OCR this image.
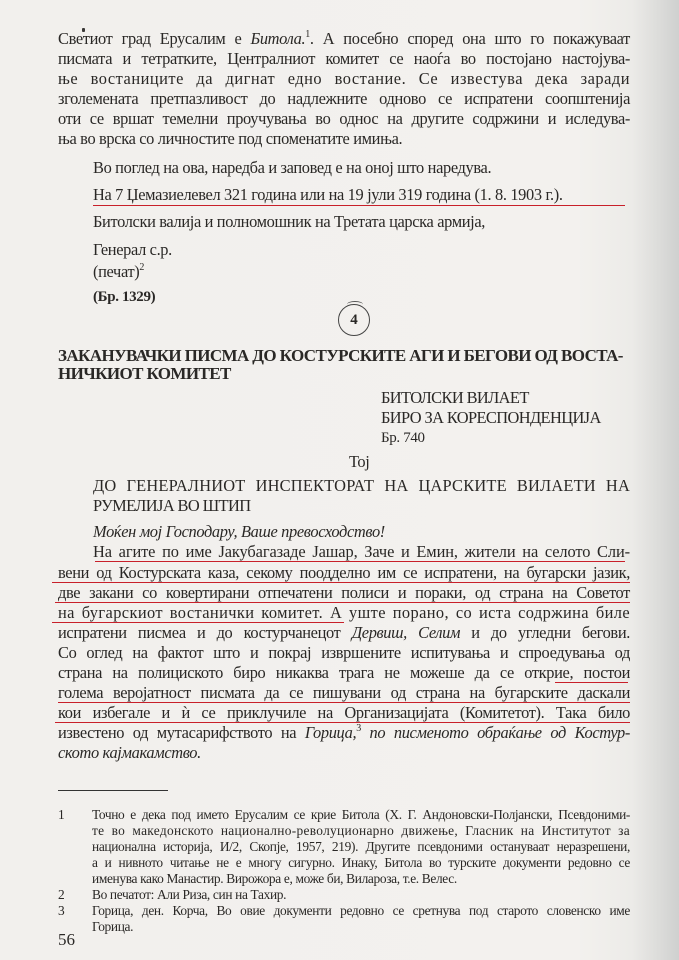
Светиот град Ерусалим е Битола.$^1$. А посебно според она што го покажуваат
писмата и тетратките, Централниот комитет се наоѓа во постојано настојува-
ње востаниците да дигнат едно востание. Се известува дека заради
зголемената претпазливост до надлежните одново се испратени соопштенија
оти се вршат темелни проучувања во однос на другите содржини и иследува-
ња во врска со личностите под споменатите имиња.
Во поглед на ова, наредба и заповед е на оној што наредува.
На 7 Џемазиелевел 321 година или на 19 јули 319 година (1. 8. 1903 г.).
Битолски валија и полномошник на Третата царска армија,
Генерал с.р.
(печат)$^2$
(Бр. 1329)
4
ЗАКАНУВАЧКИ ПИСМА ДО КОСТУРСКИТЕ АГИ И БЕГОВИ ОД ВОСТА-
НИЧКИОТ КОМИТЕТ
БИТОЛСКИ ВИЛАЕТ
БИРО ЗА КОРЕСПОНДЕНЦИЈА
Бр. 740
Тој
ДО ГЕНЕРАЛНИОТ ИНСПЕКТОРАТ НА ЦАРСКИТЕ ВИЛАЕТИ НА
РУМЕЛИЈА ВО ШТИП
Моќен мој Господару, Ваше превосходство!
На агите по име Јакубагазаде Јашар, Заче и Емин, жители на селото Сли-
вени од Костурската каза, секому поодделно им се испратени, на бугарски јазик,
две закани со ковертирани отпечатени полиси и пораки, од страна на Советот
на бугарскиот востанички комитет. А уште порано, со иста содржина биле
испратени писмеа и до костурчанецот Дервиш, Селим и до угледни бегови.
Со оглед на фактот што и покрај извршените испитувања и спроедувања од
страна на полициското биро никаква трага не можеше да се открие, постои
голема веројатност писмата да се пишувани од страна на бугарските даскали
кои избегале и ѝ се приклучиле на Организацијата (Комитетот). Така било
известено од мутасарифството на Горица,$^3$ по писменото обраќање од Костур-
ското кајмакамство.
1 Точно е дека под името Ерусалим се крие Битола (Х. Г. Андоновски-Полјански, Псевдоними-
те во македонското национално-револуционарно движење, Гласник на Институтот за
национална историја, И/2, Скопје, 1957, 219). Другите псевдоними останувaат неразрешени,
а и нивното читање не е многу сигурно. Инаку, Битола во турските документи редовно се
именува како Манастир. Вирожора е, може би, Вилароза, т.е. Велес.
2 Во печатот: Али Риза, син на Тахир.
3 Горица, ден. Корча, Во овие документи редовно се сретнува под старото словенско име
Горица.
56
